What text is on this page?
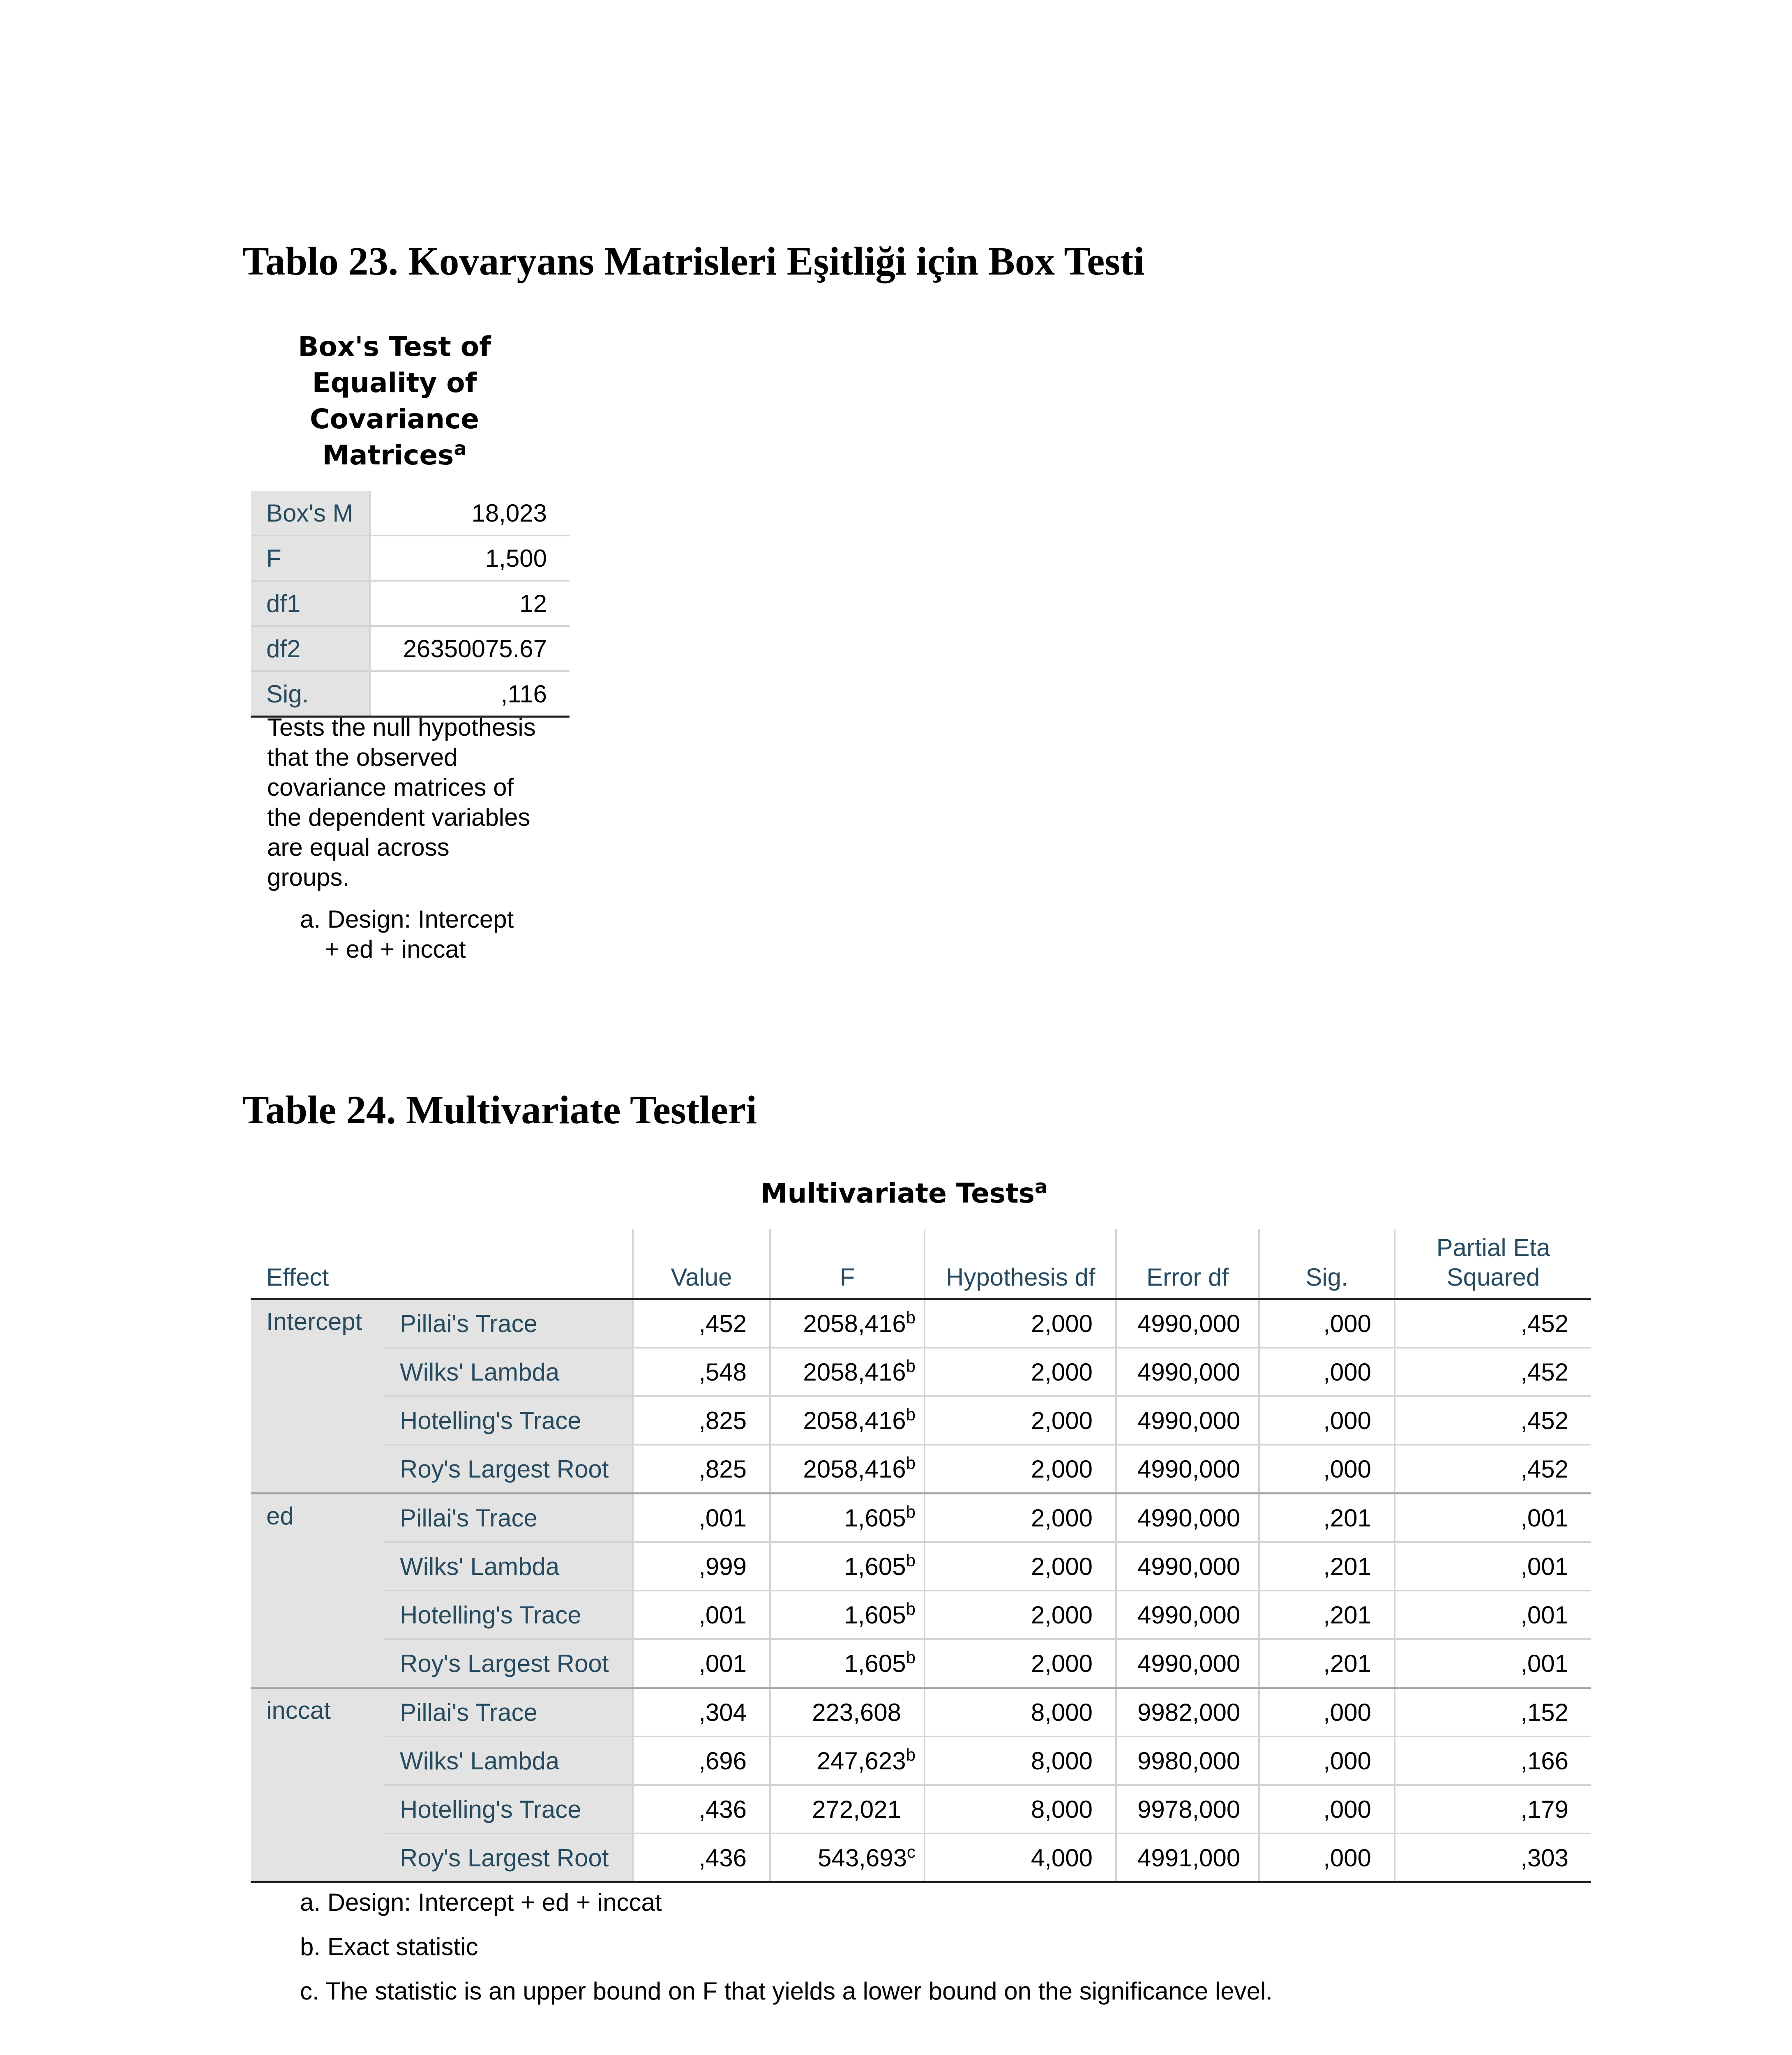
Tablo 23. Kovaryans Matrisleri Eşitliği için Box Testi
Box's Test of
Equality of
Covariance
Matrices$^a$
Box's M	18,023
F	1,500
df1	12
df2	26350075.67
Sig.	,116
Tests the null hypothesis
that the observed
covariance matrices of
the dependent variables
are equal across
groups.
a. Design: Intercept
+ ed + inccat
Table 24. Multivariate Testleri
Multivariate Tests$^a$
Effect		Value	F	Hypothesis df	Error df	Sig.	Partial Eta
Squared
Intercept	Pillai's Trace	,452	2058,416$^b$	2,000	4990,000	,000	,452
	Wilks' Lambda	,548	2058,416$^b$	2,000	4990,000	,000	,452
	Hotelling's Trace	,825	2058,416$^b$	2,000	4990,000	,000	,452
	Roy's Largest Root	,825	2058,416$^b$	2,000	4990,000	,000	,452
ed	Pillai's Trace	,001	1,605$^b$	2,000	4990,000	,201	,001
	Wilks' Lambda	,999	1,605$^b$	2,000	4990,000	,201	,001
	Hotelling's Trace	,001	1,605$^b$	2,000	4990,000	,201	,001
	Roy's Largest Root	,001	1,605$^b$	2,000	4990,000	,201	,001
inccat	Pillai's Trace	,304	223,608	8,000	9982,000	,000	,152
	Wilks' Lambda	,696	247,623$^b$	8,000	9980,000	,000	,166
	Hotelling's Trace	,436	272,021	8,000	9978,000	,000	,179
	Roy's Largest Root	,436	543,693$^c$	4,000	4991,000	,000	,303
a. Design: Intercept + ed + inccat
b. Exact statistic
c. The statistic is an upper bound on F that yields a lower bound on the significance level.
